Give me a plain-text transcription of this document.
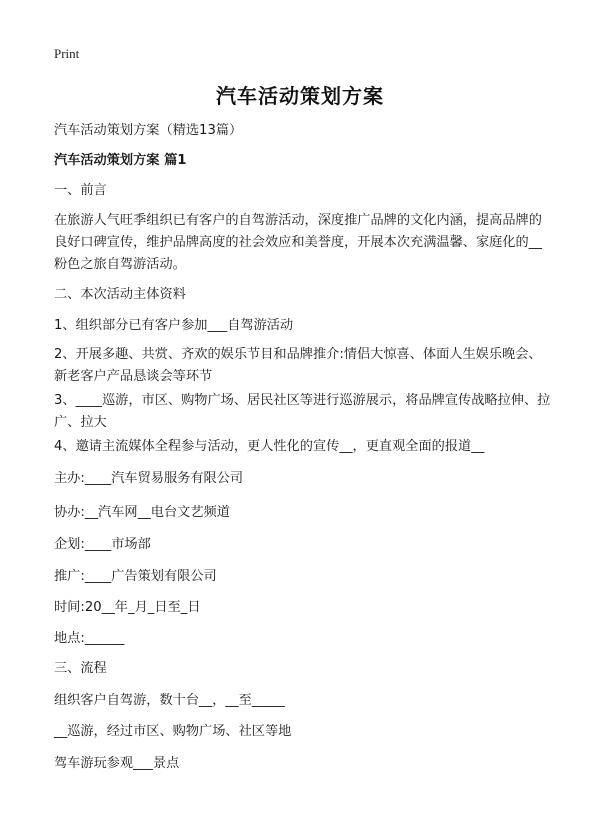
Print
汽车活动策划方案

汽车活动策划方案（精选13篇）

汽车活动策划方案 篇1

一、前言

在旅游人气旺季组织已有客户的自驾游活动，深度推广品牌的文化内涵，提高品牌的良好口碑宣传，维护品牌高度的社会效应和美誉度，开展本次充满温馨、家庭化的__粉色之旅自驾游活动。

二、本次活动主体资料

1、组织部分已有客户参加___自驾游活动

2、开展多趣、共赏、齐欢的娱乐节目和品牌推介:情侣大惊喜、体面人生娱乐晚会、新老客户产品恳谈会等环节

3、____巡游，市区、购物广场、居民社区等进行巡游展示，将品牌宣传战略拉伸、拉广、拉大

4、邀请主流媒体全程参与活动，更人性化的宣传__，更直观全面的报道__

主办:____汽车贸易服务有限公司

协办:__汽车网__电台文艺频道

企划:____市场部

推广:____广告策划有限公司

时间:20__年_月_日至_日

地点:______

三、流程

组织客户自驾游，数十台__，__至_____

__巡游，经过市区、购物广场、社区等地

驾车游玩参观___景点
